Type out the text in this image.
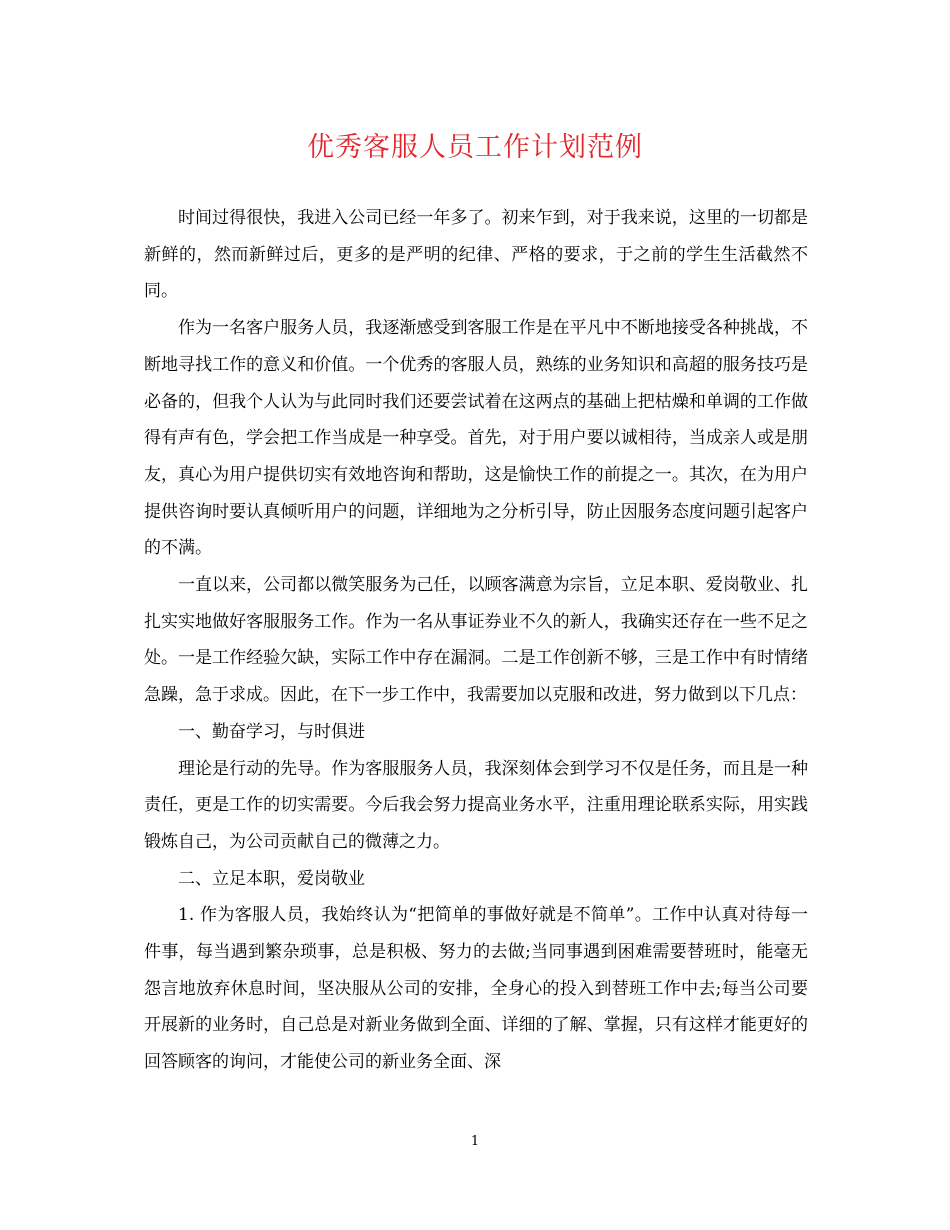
优秀客服人员工作计划范例

时间过得很快，我进入公司已经一年多了。初来乍到，对于我来说，这里的一切都是新鲜的，然而新鲜过后，更多的是严明的纪律、严格的要求，于之前的学生生活截然不同。

作为一名客户服务人员，我逐渐感受到客服工作是在平凡中不断地接受各种挑战，不断地寻找工作的意义和价值。一个优秀的客服人员，熟练的业务知识和高超的服务技巧是必备的，但我个人认为与此同时我们还要尝试着在这两点的基础上把枯燥和单调的工作做得有声有色，学会把工作当成是一种享受。首先，对于用户要以诚相待，当成亲人或是朋友，真心为用户提供切实有效地咨询和帮助，这是愉快工作的前提之一。其次，在为用户提供咨询时要认真倾听用户的问题，详细地为之分析引导，防止因服务态度问题引起客户的不满。

一直以来，公司都以微笑服务为己任，以顾客满意为宗旨，立足本职、爱岗敬业、扎扎实实地做好客服服务工作。作为一名从事证券业不久的新人，我确实还存在一些不足之处。一是工作经验欠缺，实际工作中存在漏洞。二是工作创新不够，三是工作中有时情绪急躁，急于求成。因此，在下一步工作中，我需要加以克服和改进，努力做到以下几点：

一、勤奋学习，与时俱进

理论是行动的先导。作为客服服务人员，我深刻体会到学习不仅是任务，而且是一种责任，更是工作的切实需要。今后我会努力提高业务水平，注重用理论联系实际，用实践锻炼自己，为公司贡献自己的微薄之力。

二、立足本职，爱岗敬业

1. 作为客服人员，我始终认为“把简单的事做好就是不简单”。工作中认真对待每一件事，每当遇到繁杂琐事，总是积极、努力的去做;当同事遇到困难需要替班时，能毫无怨言地放弃休息时间，坚决服从公司的安排，全身心的投入到替班工作中去;每当公司要开展新的业务时，自己总是对新业务做到全面、详细的了解、掌握，只有这样才能更好的回答顾客的询问，才能使公司的新业务全面、深

1
